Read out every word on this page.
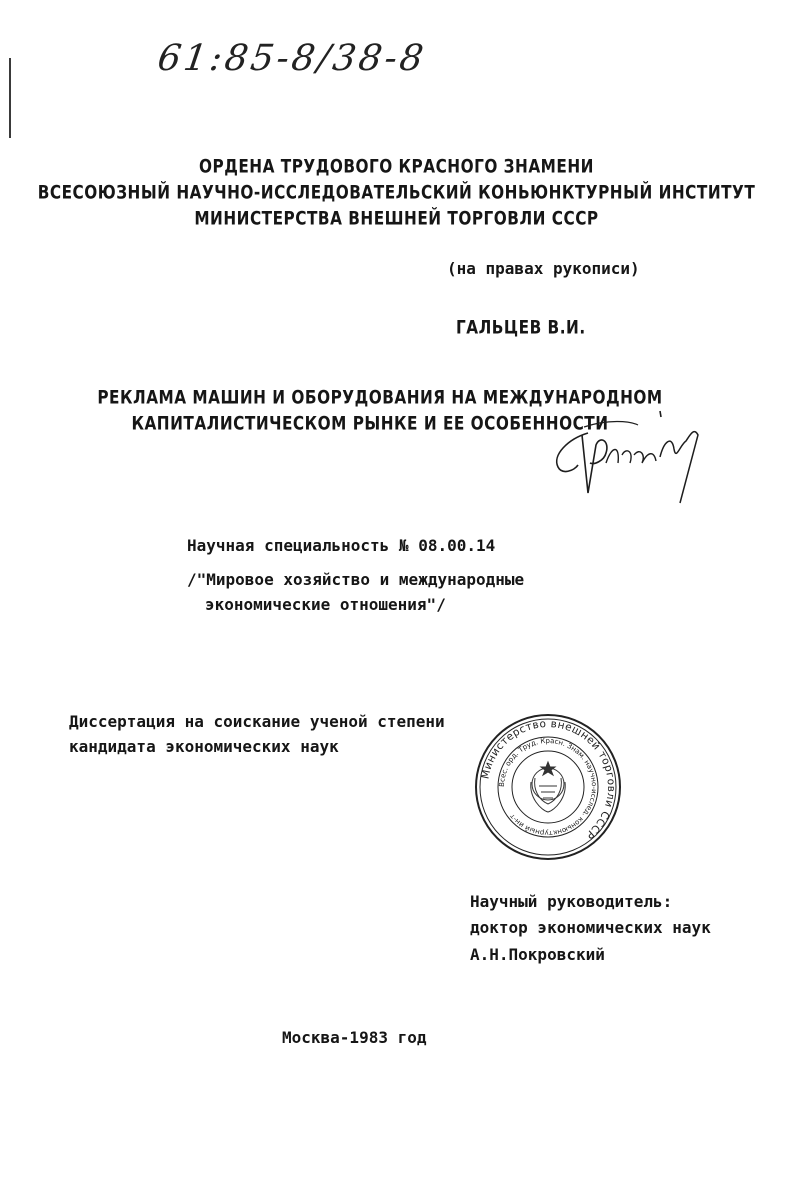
61:85-8/38-8
ОРДЕНА ТРУДОВОГО КРАСНОГО ЗНАМЕНИ
ВСЕСОЮЗНЫЙ НАУЧНО-ИССЛЕДОВАТЕЛЬСКИЙ КОНЬЮНКТУРНЫЙ ИНСТИТУТ
МИНИСТЕРСТВА ВНЕШНЕЙ ТОРГОВЛИ СССР
(на правах рукописи)
ГАЛЬЦЕВ В.И.
РЕКЛАМА МАШИН И ОБОРУДОВАНИЯ НА МЕЖДУНАРОДНОМ
КАПИТАЛИСТИЧЕСКОМ РЫНКЕ И ЕЕ ОСОБЕННОСТИ
Научная специальность № 08.00.14
/"Мировое хозяйство и международные
экономические отношения"/
Диссертация на соискание ученой степени
кандидата экономических наук
Министерство внешней торговли СССР
Всес. орд. Труд. Красн. Знам. научно-исслед. коньюнктурный ин-т
Научный руководитель:
доктор экономических наук
А.Н.Покровский
Москва-1983 год
